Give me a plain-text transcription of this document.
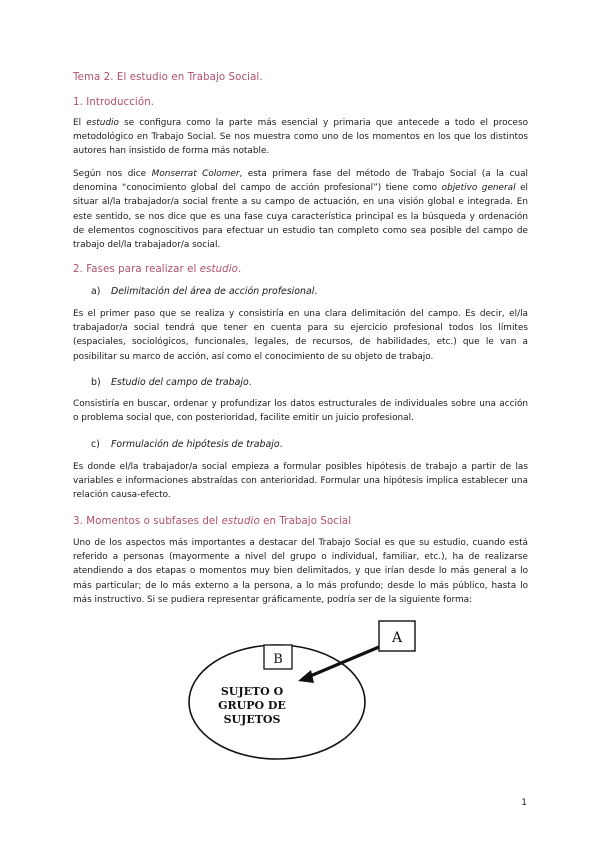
Tema 2. El estudio en Trabajo Social.

1. Introducción.

El estudio se configura como la parte más esencial y primaria que antecede a todo el proceso metodológico en Trabajo Social. Se nos muestra como uno de los momentos en los que los distintos autores han insistido de forma más notable.

Según nos dice Monserrat Colomer, esta primera fase del método de Trabajo Social (a la cual denomina “conocimiento global del campo de acción profesional”) tiene como objetivo general el situar al/la trabajador/a social frente a su campo de actuación, en una visión global e integrada. En este sentido, se nos dice que es una fase cuya característica principal es la búsqueda y ordenación de elementos cognoscitivos para efectuar un estudio tan completo como sea posible del campo de trabajo del/la trabajador/a social.

2. Fases para realizar el estudio.

a) Delimitación del área de acción profesional.

Es el primer paso que se realiza y consistiría en una clara delimitación del campo. Es decir, el/la trabajador/a social tendrá que tener en cuenta para su ejercicio profesional todos los límites (espaciales, sociológicos, funcionales, legales, de recursos, de habilidades, etc.) que le van a posibilitar su marco de acción, así como el conocimiento de su objeto de trabajo.

b) Estudio del campo de trabajo.

Consistiría en buscar, ordenar y profundizar los datos estructurales de individuales sobre una acción o problema social que, con posterioridad, facilite emitir un juicio profesional.

c) Formulación de hipótesis de trabajo.

Es donde el/la trabajador/a social empieza a formular posibles hipótesis de trabajo a partir de las variables e informaciones abstraídas con anterioridad. Formular una hipótesis implica establecer una relación causa-efecto.

3. Momentos o subfases del estudio en Trabajo Social

Uno de los aspectos más importantes a destacar del Trabajo Social es que su estudio, cuando está referido a personas (mayormente a nivel del grupo o individual, familiar, etc.), ha de realizarse atendiendo a dos etapas o momentos muy bien delimitados, y que irían desde lo más general a lo más particular; de lo más externo a la persona, a lo más profundo; desde lo más público, hasta lo más instructivo. Si se pudiera representar gráficamente, podría ser de la siguiente forma:

B
A
SUJETO O
GRUPO DE
SUJETOS
1
